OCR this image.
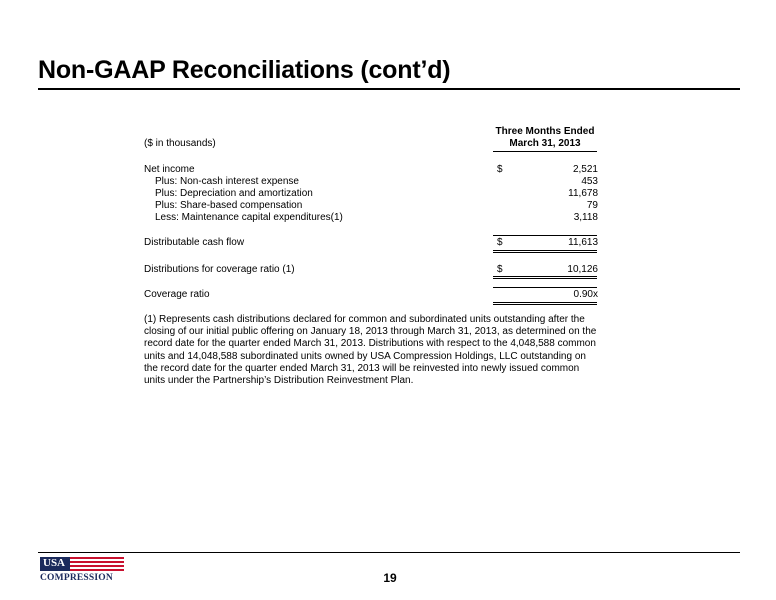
Non-GAAP Reconciliations (cont’d)
Three Months Ended
March 31, 2013
($ in thousands)
Net income	$	2,521
Plus: Non-cash interest expense	453
Plus: Depreciation and amortization	11,678
Plus: Share-based compensation	79
Less: Maintenance capital expenditures(1)	3,118
Distributable cash flow	$	11,613
Distributions for coverage ratio (1)	$	10,126
Coverage ratio	0.90x

(1) Represents cash distributions declared for common and subordinated units outstanding after the closing of our initial public offering on January 18, 2013 through March 31, 2013, as determined on the record date for the quarter ended March 31, 2013. Distributions with respect to the 4,048,588 common units and 14,048,588 subordinated units owned by USA Compression Holdings, LLC outstanding on the record date for the quarter ended March 31, 2013 will be reinvested into newly issued common units under the Partnership’s Distribution Reinvestment Plan.

USA
COMPRESSION	19
